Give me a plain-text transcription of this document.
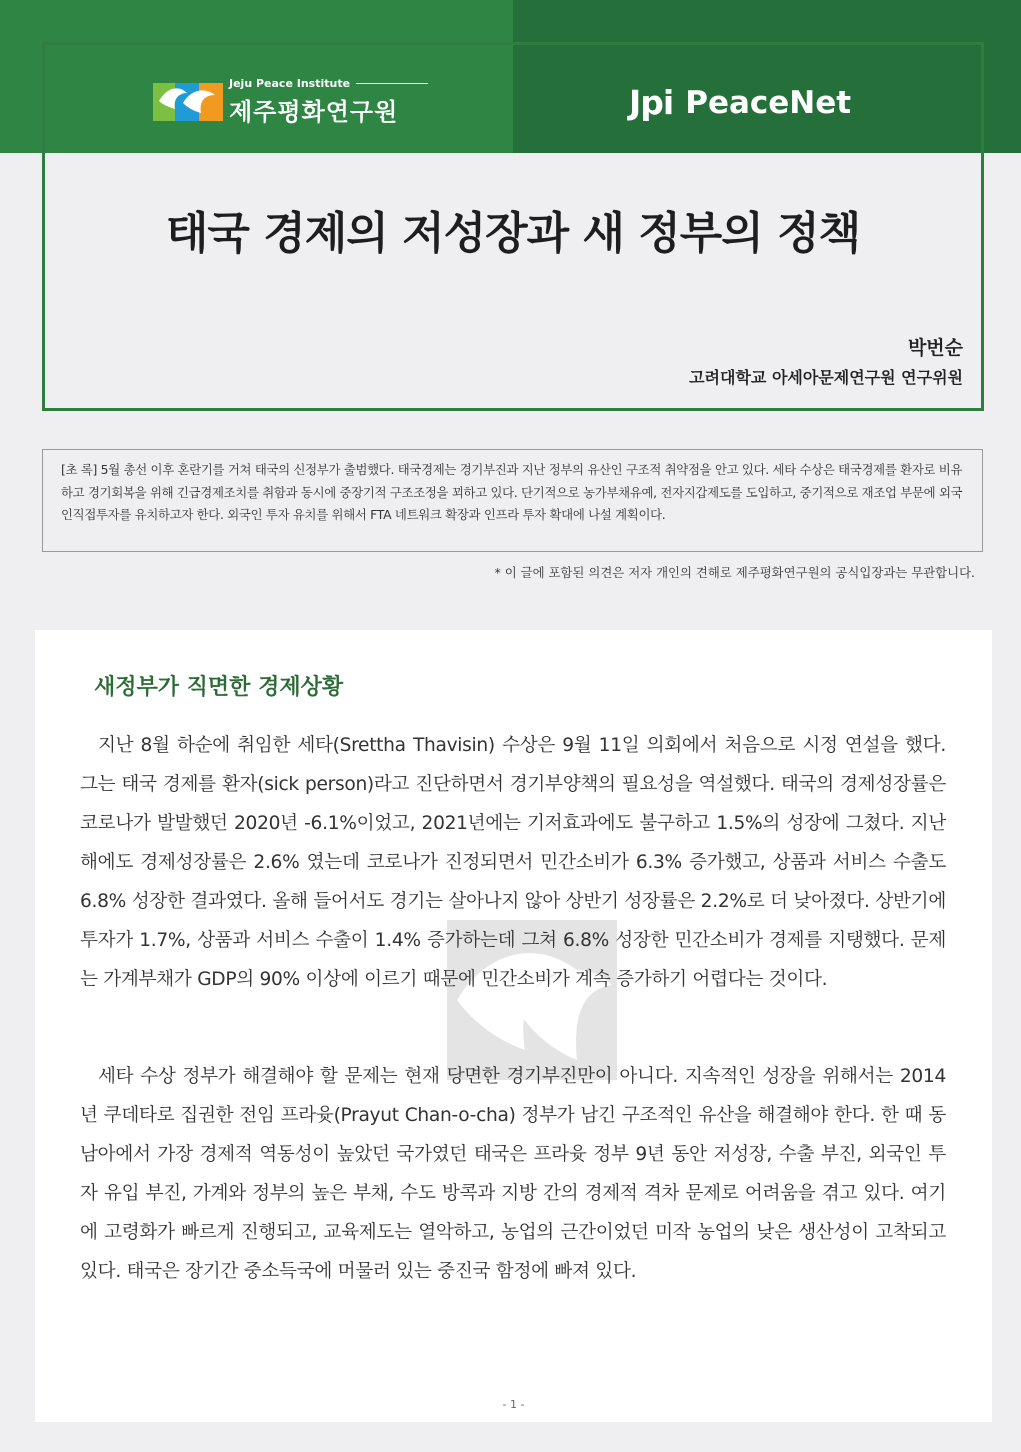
Jeju Peace Institute
제주평화연구원	Jpi PeaceNet
태국 경제의 저성장과 새 정부의 정책
박번순
고려대학교 아세아문제연구원 연구위원
[초 록] 5월 총선 이후 혼란기를 거쳐 태국의 신정부가 출범했다. 태국경제는 경기부진과 지난 정부의 유산인 구조적 취약점을 안고 있다. 세타 수상은 태국경제를 환자로 비유하고 경기회복을 위해 긴급경제조치를 취함과 동시에 중장기적 구조조정을 꾀하고 있다. 단기적으로 농가부채유예, 전자지갑제도를 도입하고, 중기적으로 재조업 부문에 외국인직접투자를 유치하고자 한다. 외국인 투자 유치를 위해서 FTA 네트워크 확장과 인프라 투자 확대에 나설 계획이다.
* 이 글에 포함된 의견은 저자 개인의 견해로 제주평화연구원의 공식입장과는 무관합니다.
새정부가 직면한 경제상황
지난 8월 하순에 취임한 세타(Srettha Thavisin) 수상은 9월 11일 의회에서 처음으로 시정 연설을 했다. 그는 태국 경제를 환자(sick person)라고 진단하면서 경기부양책의 필요성을 역설했다. 태국의 경제성장률은 코로나가 발발했던 2020년 -6.1%이었고, 2021년에는 기저효과에도 불구하고 1.5%의 성장에 그쳤다. 지난해에도 경제성장률은 2.6% 였는데 코로나가 진정되면서 민간소비가 6.3% 증가했고, 상품과 서비스 수출도 6.8% 성장한 결과였다. 올해 들어서도 경기는 살아나지 않아 상반기 성장률은 2.2%로 더 낮아졌다. 상반기에 투자가 1.7%, 상품과 서비스 수출이 1.4% 증가하는데 그쳐 6.8% 성장한 민간소비가 경제를 지탱했다. 문제는 가계부채가 GDP의 90% 이상에 이르기 때문에 민간소비가 계속 증가하기 어렵다는 것이다.
세타 수상 정부가 해결해야 할 문제는 현재 당면한 경기부진만이 아니다. 지속적인 성장을 위해서는 2014년 쿠데타로 집권한 전임 프라윳(Prayut Chan-o-cha) 정부가 남긴 구조적인 유산을 해결해야 한다. 한 때 동남아에서 가장 경제적 역동성이 높았던 국가였던 태국은 프라윳 정부 9년 동안 저성장, 수출 부진, 외국인 투자 유입 부진, 가계와 정부의 높은 부채, 수도 방콕과 지방 간의 경제적 격차 문제로 어려움을 겪고 있다. 여기에 고령화가 빠르게 진행되고, 교육제도는 열악하고, 농업의 근간이었던 미작 농업의 낮은 생산성이 고착되고 있다. 태국은 장기간 중소득국에 머물러 있는 중진국 함정에 빠져 있다.
- 1 -
